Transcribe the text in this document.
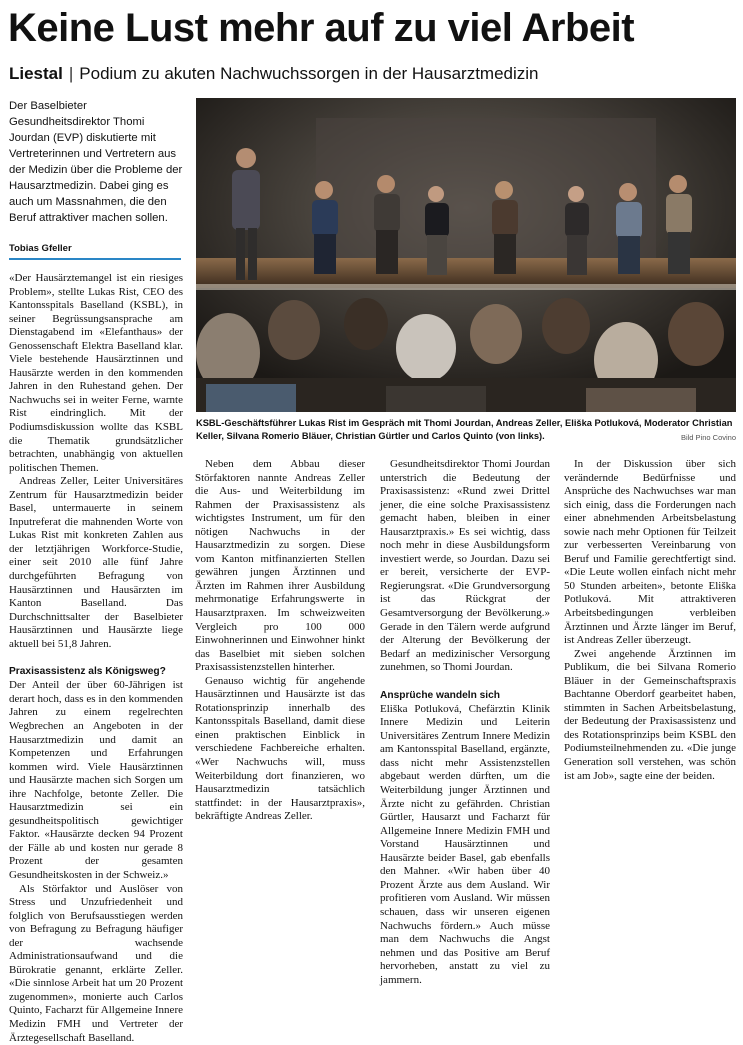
Keine Lust mehr auf zu viel Arbeit
Liestal | Podium zu akuten Nachwuchssorgen in der Hausarztmedizin

Der Baselbieter Gesundheitsdirektor Thomi Jourdan (EVP) diskutierte mit Vertreterinnen und Vertretern aus der Medizin über die Probleme der Hausarztmedizin. Dabei ging es auch um Massnahmen, die den Beruf attraktiver machen sollen.

Tobias Gfeller
KSBL-Geschäftsführer Lukas Rist im Gespräch mit Thomi Jourdan, Andreas Zeller, Eliška Potluková, Moderator Christian Keller, Silvana Romerio Bläuer, Christian Gürtler und Carlos Quinto (von links).	Bild Pino Covino

«Der Hausärztemangel ist ein riesiges Problem», stellte Lukas Rist, CEO des Kantonsspitals Baselland (KSBL), in seiner Begrüssungsansprache am Dienstagabend im «Elefanthaus» der Genossenschaft Elektra Baselland klar. Viele bestehende Hausärztinnen und Hausärzte werden in den kommenden Jahren in den Ruhestand gehen. Der Nachwuchs sei in weiter Ferne, warnte Rist eindringlich. Mit der Podiumsdiskussion wollte das KSBL die Thematik grundsätzlicher betrachten, unabhängig von aktuellen politischen Themen.

Andreas Zeller, Leiter Universitäres Zentrum für Hausarztmedizin beider Basel, untermauerte in seinem Inputreferat die mahnenden Worte von Lukas Rist mit konkreten Zahlen aus der letztjährigen Workforce-Studie, einer seit 2010 alle fünf Jahre durchgeführten Befragung von Hausärztinnen und Hausärzten im Kanton Baselland. Das Durchschnittsalter der Baselbieter Hausärztinnen und Hausärzte liege aktuell bei 51,8 Jahren.

Praxisassistenz als Königsweg?

Der Anteil der über 60-Jährigen ist derart hoch, dass es in den kommenden Jahren zu einem regelrechten Wegbrechen an Angeboten in der Hausarztmedizin und damit an Kompetenzen und Erfahrungen kommen wird. Viele Hausärztinnen und Hausärzte machen sich Sorgen um ihre Nachfolge, betonte Zeller. Die Hausarztmedizin sei ein gesundheitspolitisch gewichtiger Faktor. «Hausärzte decken 94 Prozent der Fälle ab und kosten nur gerade 8 Prozent der gesamten Gesundheitskosten in der Schweiz.»

Als Störfaktor und Auslöser von Stress und Unzufriedenheit und folglich von Berufsausstiegen werden von Befragung zu Befragung häufiger der wachsende Administrationsaufwand und die Bürokratie genannt, erklärte Zeller. «Die sinnlose Arbeit hat um 20 Prozent zugenommen», monierte auch Carlos Quinto, Facharzt für Allgemeine Innere Medizin FMH und Vertreter der Ärztegesellschaft Baselland.

Neben dem Abbau dieser Störfaktoren nannte Andreas Zeller die Aus- und Weiterbildung im Rahmen der Praxisassistenz als wichtigstes Instrument, um für den nötigen Nachwuchs in der Hausarztmedizin zu sorgen. Diese vom Kanton mitfinanzierten Stellen gewähren jungen Ärztinnen und Ärzten im Rahmen ihrer Ausbildung mehrmonatige Erfahrungswerte in Hausarztpraxen. Im schweizweiten Vergleich pro 100 000 Einwohnerinnen und Einwohner hinkt das Baselbiet mit sieben solchen Praxisassistenzstellen hinterher.

Genauso wichtig für angehende Hausärztinnen und Hausärzte ist das Rotationsprinzip innerhalb des Kantonsspitals Baselland, damit diese einen praktischen Einblick in verschiedene Fachbereiche erhalten. «Wer Nachwuchs will, muss Weiterbildung dort finanzieren, wo Hausarztmedizin tatsächlich stattfindet: in der Hausarztpraxis», bekräftigte Andreas Zeller.

Gesundheitsdirektor Thomi Jourdan unterstrich die Bedeutung der Praxisassistenz: «Rund zwei Drittel jener, die eine solche Praxisassistenz gemacht haben, bleiben in einer Hausarztpraxis.» Es sei wichtig, dass noch mehr in diese Ausbildungsform investiert werde, so Jourdan. Dazu sei er bereit, versicherte der EVP-Regierungsrat. «Die Grundversorgung ist das Rückgrat der Gesamtversorgung der Bevölkerung.» Gerade in den Tälern werde aufgrund der Alterung der Bevölkerung der Bedarf an medizinischer Versorgung zunehmen, so Thomi Jourdan.

Ansprüche wandeln sich

Eliška Potluková, Chefärztin Klinik Innere Medizin und Leiterin Universitäres Zentrum Innere Medizin am Kantonsspital Baselland, ergänzte, dass nicht mehr Assistenzstellen abgebaut werden dürften, um die Weiterbildung junger Ärztinnen und Ärzte nicht zu gefährden. Christian Gürtler, Hausarzt und Facharzt für Allgemeine Innere Medizin FMH und Vorstand Hausärztinnen und Hausärzte beider Basel, gab ebenfalls den Mahner. «Wir haben über 40 Prozent Ärzte aus dem Ausland. Wir profitieren vom Ausland. Wir müssen schauen, dass wir unseren eigenen Nachwuchs fördern.» Auch müsse man dem Nachwuchs die Angst nehmen und das Positive am Beruf hervorheben, anstatt zu viel zu jammern.

In der Diskussion über sich verändernde Bedürfnisse und Ansprüche des Nachwuchses war man sich einig, dass die Forderungen nach einer abnehmenden Arbeitsbelastung sowie nach mehr Optionen für Teilzeit zur verbesserten Vereinbarung von Beruf und Familie gerechtfertigt sind. «Die Leute wollen einfach nicht mehr 50 Stunden arbeiten», betonte Eliška Potluková. Mit attraktiveren Arbeitsbedingungen verbleiben Ärztinnen und Ärzte länger im Beruf, ist Andreas Zeller überzeugt.

Zwei angehende Ärztinnen im Publikum, die bei Silvana Romerio Bläuer in der Gemeinschaftspraxis Bachtanne Oberdorf gearbeitet haben, stimmten in Sachen Arbeitsbelastung, der Bedeutung der Praxisassistenz und des Rotationsprinzips beim KSBL den Podiumsteilnehmenden zu. «Die junge Generation soll verstehen, was schön ist am Job», sagte eine der beiden.
